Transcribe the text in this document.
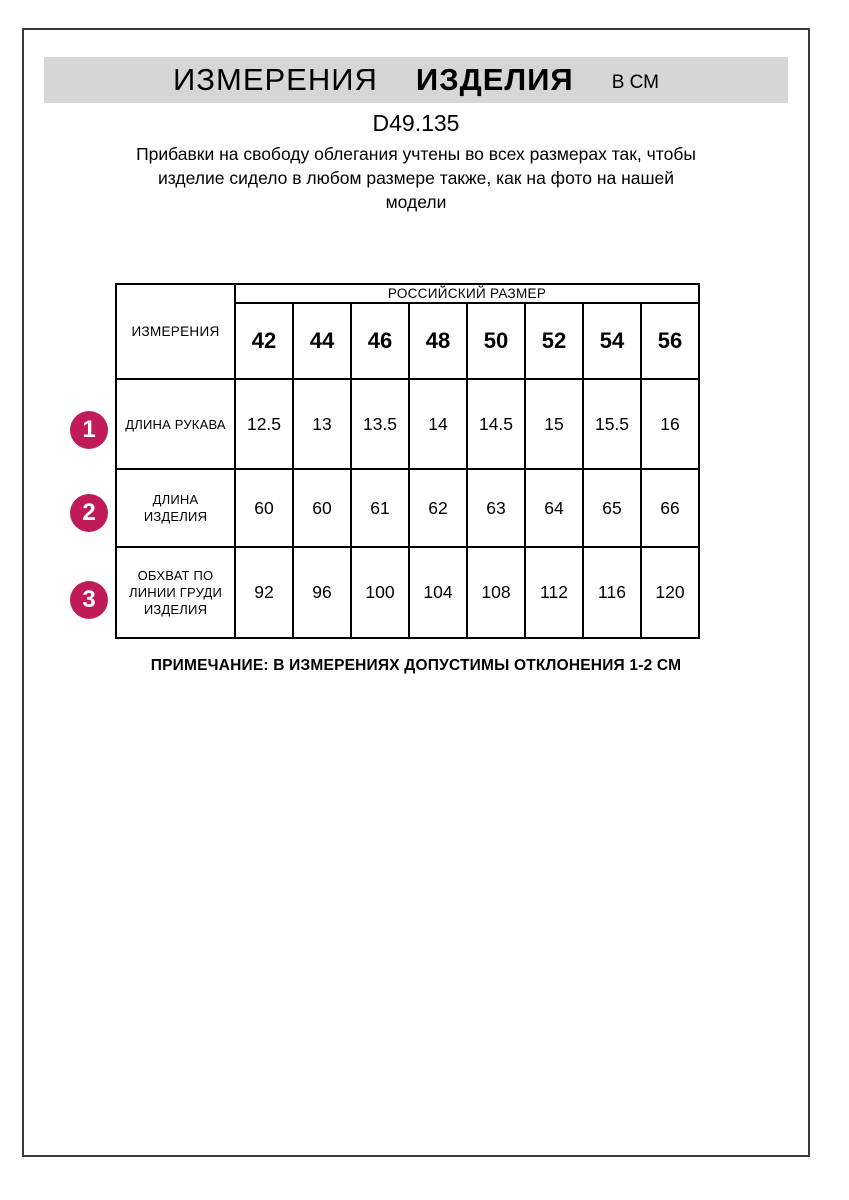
ИЗМЕРЕНИЯ ИЗДЕЛИЯ В СМ
D49.135
Прибавки на свободу облегания учтены во всех размерах так, чтобы
изделие сидело в любом размере также, как на фото на нашей
модели
ИЗМЕРЕНИЯ	РОССИЙСКИЙ РАЗМЕР							
	42	44	46	48	50	52	54	56
ДЛИНА РУКАВА	12.5	13	13.5	14	14.5	15	15.5	16
ДЛИНА
ИЗДЕЛИЯ	60	60	61	62	63	64	65	66
ОБХВАТ ПО
ЛИНИИ ГРУДИ
ИЗДЕЛИЯ	92	96	100	104	108	112	116	120
1
2
3
ПРИМЕЧАНИЕ: В ИЗМЕРЕНИЯХ ДОПУСТИМЫ ОТКЛОНЕНИЯ 1-2 СМ
